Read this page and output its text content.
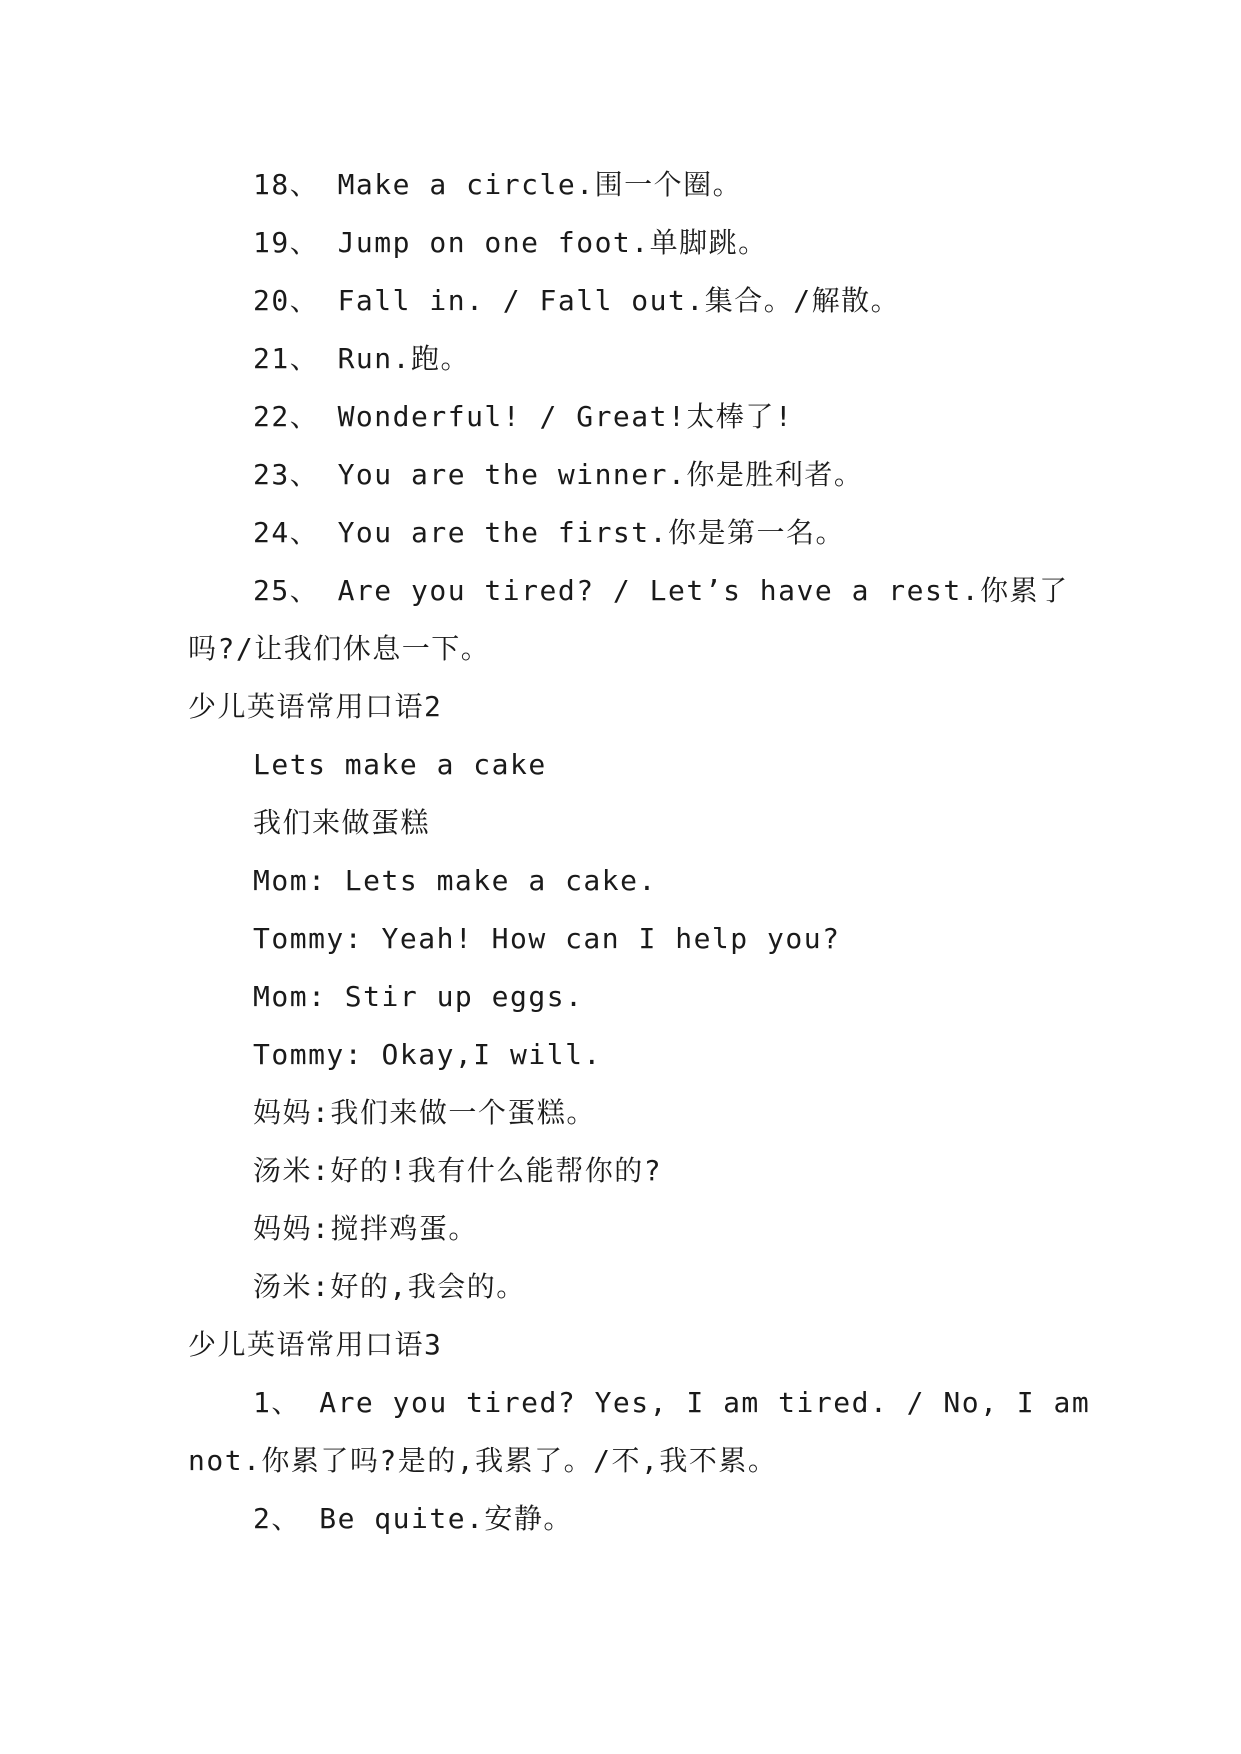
18、 Make a circle.围一个圈。
19、 Jump on one foot.单脚跳。
20、 Fall in. / Fall out.集合。/解散。
21、 Run.跑。
22、 Wonderful! / Great!太棒了!
23、 You are the winner.你是胜利者。
24、 You are the first.你是第一名。
25、 Are you tired? / Let’s have a rest.你累了
吗?/让我们休息一下。
少儿英语常用口语2
Lets make a cake
我们来做蛋糕
Mom: Lets make a cake.
Tommy: Yeah! How can I help you?
Mom: Stir up eggs.
Tommy: Okay,I will.
妈妈:我们来做一个蛋糕。
汤米:好的!我有什么能帮你的?
妈妈:搅拌鸡蛋。
汤米:好的,我会的。
少儿英语常用口语3
1、 Are you tired? Yes, I am tired. / No, I am
not.你累了吗?是的,我累了。/不,我不累。
2、 Be quite.安静。
